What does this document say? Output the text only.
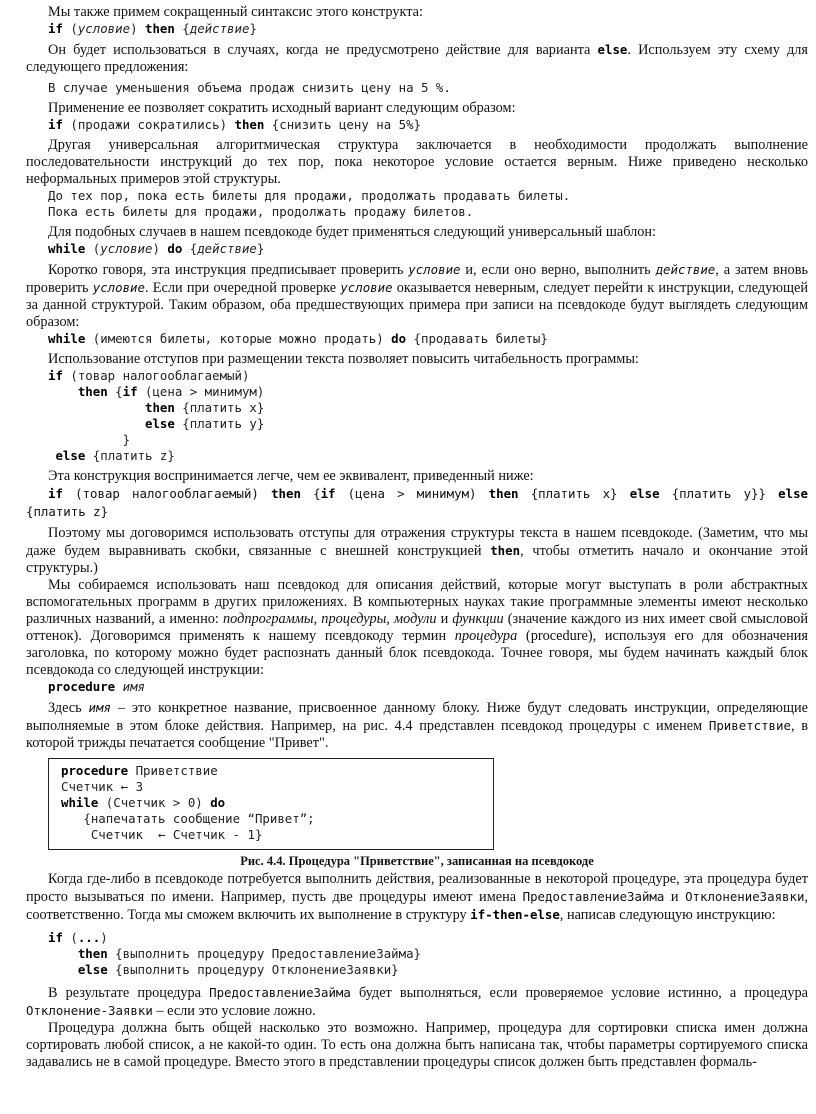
Мы также примем сокращенный синтаксис этого конструкта:

if (условие) then {действие}

Он будет использоваться в случаях, когда не предусмотрено действие для варианта else. Используем эту схему для следующего предложения:

В случае уменьшения объема продаж снизить цену на 5 %.

Применение ее позволяет сократить исходный вариант следующим образом:

if (продажи сократились) then {снизить цену на 5%}

Другая универсальная алгоритмическая структура заключается в необходимости продолжать выполнение последовательности инструкций до тех пор, пока некоторое условие остается верным. Ниже приведено несколько неформальных примеров этой структуры.

До тех пор, пока есть билеты для продажи, продолжать продавать билеты.
Пока есть билеты для продажи, продолжать продажу билетов.

Для подобных случаев в нашем псевдокоде будет применяться следующий универсальный шаблон:

while (условие) do {действие}

Коротко говоря, эта инструкция предписывает проверить условие и, если оно верно, выполнить действие, а затем вновь проверить условие. Если при очередной проверке условие оказывается неверным, следует перейти к инструкции, следующей за данной структурой. Таким образом, оба предшествующих примера при записи на псевдокоде будут выглядеть следующим образом:

while (имеются билеты, которые можно продать) do {продавать билеты}

Использование отступов при размещении текста позволяет повысить читабельность программы:

if (товар налогооблагаемый)
then {if (цена > минимум)
then {платить x}
else {платить y}
}
else {платить z}

Эта конструкция воспринимается легче, чем ее эквивалент, приведенный ниже:

if (товар налогооблагаемый) then {if (цена > минимум) then {платить x} else {платить y}} else {платить z}

Поэтому мы договоримся использовать отступы для отражения структуры текста в нашем псевдокоде. (Заметим, что мы даже будем выравнивать скобки, связанные с внешней конструкцией then, чтобы отметить начало и окончание этой структуры.)

Мы собираемся использовать наш псевдокод для описания действий, которые могут выступать в роли абстрактных вспомогательных программ в других приложениях. В компьютерных науках такие программные элементы имеют несколько различных названий, а именно: подпрограммы, процедуры, модули и функции (значение каждого из них имеет свой смысловой оттенок). Договоримся применять к нашему псевдокоду термин процедура (procedure), используя его для обозначения заголовка, по которому можно будет распознать данный блок псевдокода. Точнее говоря, мы будем начинать каждый блок псевдокода со следующей инструкции:

procedure имя

Здесь имя – это конкретное название, присвоенное данному блоку. Ниже будут следовать инструкции, определяющие выполняемые в этом блоке действия. Например, на рис. 4.4 представлен псевдокод процедуры с именем Приветствие, в которой трижды печатается сообщение "Привет".

procedure Приветствие
Счетчик ← 3
while (Счетчик > 0) do
{напечатать сообщение “Привет”;
Счетчик  ← Счетчик - 1}
Рис. 4.4. Процедура "Приветствие", записанная на псевдокоде

Когда где-либо в псевдокоде потребуется выполнить действия, реализованные в некоторой процедуре, эта процедура будет просто вызываться по имени. Например, пусть две процедуры имеют имена ПредоставлениеЗайма и ОтклонениеЗаявки, соответственно. Тогда мы сможем включить их выполнение в структуру if-then-else, написав следующую инструкцию:

if (...)
then {выполнить процедуру ПредоставлениеЗайма}
else {выполнить процедуру ОтклонениеЗаявки}

В результате процедура ПредоставлениеЗайма будет выполняться, если проверяемое условие истинно, а процедура Отклонение-Заявки – если это условие ложно.

Процедура должна быть общей насколько это возможно. Например, процедура для сортировки списка имен должна сортировать любой список, а не какой-то один. То есть она должна быть написана так, чтобы параметры сортируемого списка задавались не в самой процедуре. Вместо этого в представлении процедуры список должен быть представлен формаль-
